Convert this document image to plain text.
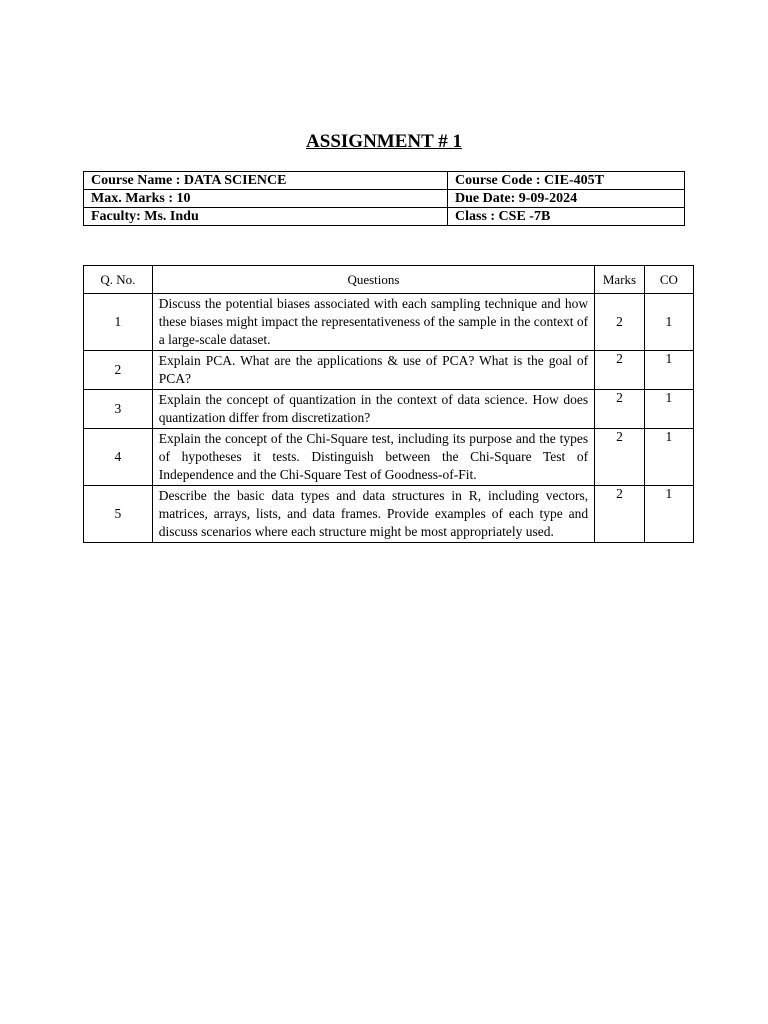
ASSIGNMENT # 1
Course Name : DATA SCIENCE	Course Code : CIE-405T
Max. Marks : 10	Due Date: 9-09-2024
Faculty: Ms. Indu	Class : CSE -7B
Q. No.	Questions	Marks	CO
1	Discuss the potential biases associated with each sampling technique and how these biases might impact the representativeness of the sample in the context of a large-scale dataset.	2	1
2	Explain PCA. What are the applications & use of PCA? What is the goal of PCA?	2	1
3	Explain the concept of quantization in the context of data science. How does quantization differ from discretization?	2	1
4	Explain the concept of the Chi-Square test, including its purpose and the types of hypotheses it tests. Distinguish between the Chi-Square Test of Independence and the Chi-Square Test of Goodness-of-Fit.	2	1
5	Describe the basic data types and data structures in R, including vectors, matrices, arrays, lists, and data frames. Provide examples of each type and discuss scenarios where each structure might be most appropriately used.	2	1
